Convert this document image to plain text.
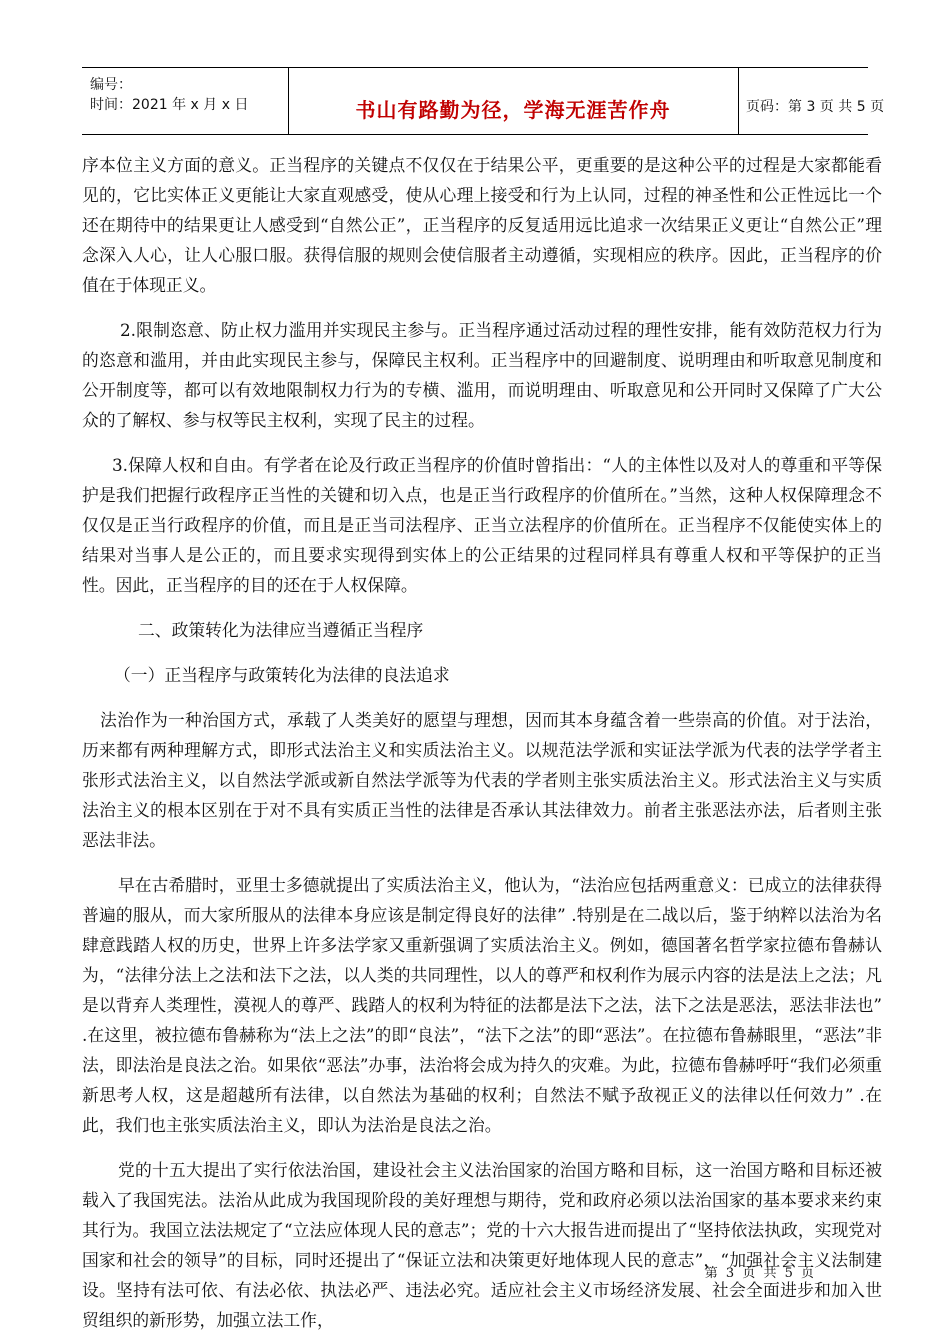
编号：
时间：2021 年 x 月 x 日	书山有路勤为径，学海无涯苦作舟	页码：第 3 页 共 5 页

序本位主义方面的意义。正当程序的关键点不仅仅在于结果公平，更重要的是这种公平的过程是大家都能看见的，它比实体正义更能让大家直观感受，使从心理上接受和行为上认同，过程的神圣性和公正性远比一个还在期待中的结果更让人感受到“自然公正”，正当程序的反复适用远比追求一次结果正义更让“自然公正”理念深入人心，让人心服口服。获得信服的规则会使信服者主动遵循，实现相应的秩序。因此，正当程序的价值在于体现正义。

2.限制恣意、防止权力滥用并实现民主参与。正当程序通过活动过程的理性安排，能有效防范权力行为的恣意和滥用，并由此实现民主参与，保障民主权利。正当程序中的回避制度、说明理由和听取意见制度和公开制度等，都可以有效地限制权力行为的专横、滥用，而说明理由、听取意见和公开同时又保障了广大公众的了解权、参与权等民主权利，实现了民主的过程。

3.保障人权和自由。有学者在论及行政正当程序的价值时曾指出：“人的主体性以及对人的尊重和平等保护是我们把握行政程序正当性的关键和切入点，也是正当行政程序的价值所在。”当然，这种人权保障理念不仅仅是正当行政程序的价值，而且是正当司法程序、正当立法程序的价值所在。正当程序不仅能使实体上的结果对当事人是公正的，而且要求实现得到实体上的公正结果的过程同样具有尊重人权和平等保护的正当性。因此，正当程序的目的还在于人权保障。

二、政策转化为法律应当遵循正当程序

（一）正当程序与政策转化为法律的良法追求

法治作为一种治国方式，承载了人类美好的愿望与理想，因而其本身蕴含着一些崇高的价值。对于法治，历来都有两种理解方式，即形式法治主义和实质法治主义。以规范法学派和实证法学派为代表的法学学者主张形式法治主义，以自然法学派或新自然法学派等为代表的学者则主张实质法治主义。形式法治主义与实质法治主义的根本区别在于对不具有实质正当性的法律是否承认其法律效力。前者主张恶法亦法，后者则主张恶法非法。

早在古希腊时，亚里士多德就提出了实质法治主义，他认为，“法治应包括两重意义：已成立的法律获得普遍的服从，而大家所服从的法律本身应该是制定得良好的法律” .特别是在二战以后，鉴于纳粹以法治为名肆意践踏人权的历史，世界上许多法学家又重新强调了实质法治主义。例如，德国著名哲学家拉德布鲁赫认为，“法律分法上之法和法下之法，以人类的共同理性，以人的尊严和权利作为展示内容的法是法上之法；凡是以背弃人类理性，漠视人的尊严、践踏人的权利为特征的法都是法下之法，法下之法是恶法，恶法非法也” .在这里，被拉德布鲁赫称为“法上之法”的即“良法”，“法下之法”的即“恶法”。在拉德布鲁赫眼里，“恶法”非法，即法治是良法之治。如果依“恶法”办事，法治将会成为持久的灾难。为此，拉德布鲁赫呼吁“我们必须重新思考人权，这是超越所有法律，以自然法为基础的权利；自然法不赋予敌视正义的法律以任何效力” .在此，我们也主张实质法治主义，即认为法治是良法之治。

党的十五大提出了实行依法治国，建设社会主义法治国家的治国方略和目标，这一治国方略和目标还被载入了我国宪法。法治从此成为我国现阶段的美好理想与期待，党和政府必须以法治国家的基本要求来约束其行为。我国立法法规定了“立法应体现人民的意志”；党的十六大报告进而提出了“坚持依法执政，实现党对国家和社会的领导”的目标，同时还提出了“保证立法和决策更好地体现人民的意志”，“加强社会主义法制建设。坚持有法可依、有法必依、执法必严、违法必究。适应社会主义市场经济发展、社会全面进步和加入世贸组织的新形势，加强立法工作，

第 3 页 共 5 页
